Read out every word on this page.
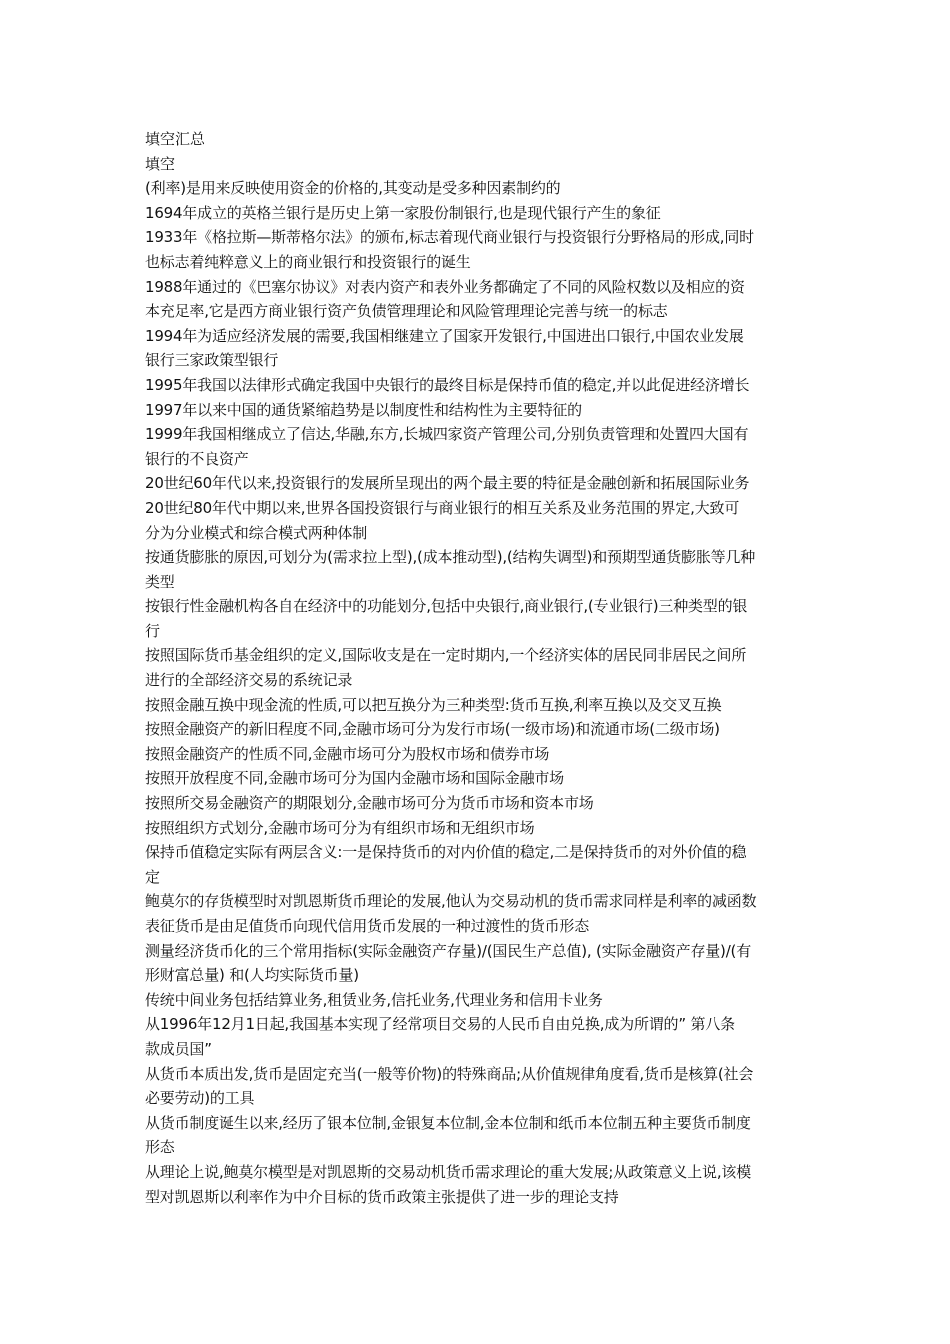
填空汇总

填空

(利率)是用来反映使用资金的价格的,其变动是受多种因素制约的

1694年成立的英格兰银行是历史上第一家股份制银行,也是现代银行产生的象征

1933年《格拉斯—斯蒂格尔法》的颁布,标志着现代商业银行与投资银行分野格局的形成,同时

也标志着纯粹意义上的商业银行和投资银行的诞生

1988年通过的《巴塞尔协议》对表内资产和表外业务都确定了不同的风险权数以及相应的资

本充足率,它是西方商业银行资产负债管理理论和风险管理理论完善与统一的标志

1994年为适应经济发展的需要,我国相继建立了国家开发银行,中国进出口银行,中国农业发展

银行三家政策型银行

1995年我国以法律形式确定我国中央银行的最终目标是保持币值的稳定,并以此促进经济增长

1997年以来中国的通货紧缩趋势是以制度性和结构性为主要特征的

1999年我国相继成立了信达,华融,东方,长城四家资产管理公司,分别负责管理和处置四大国有

银行的不良资产

20世纪60年代以来,投资银行的发展所呈现出的两个最主要的特征是金融创新和拓展国际业务

20世纪80年代中期以来,世界各国投资银行与商业银行的相互关系及业务范围的界定,大致可

分为分业模式和综合模式两种体制

按通货膨胀的原因,可划分为(需求拉上型),(成本推动型),(结构失调型)和预期型通货膨胀等几种

类型

按银行性金融机构各自在经济中的功能划分,包括中央银行,商业银行,(专业银行)三种类型的银

行

按照国际货币基金组织的定义,国际收支是在一定时期内,一个经济实体的居民同非居民之间所

进行的全部经济交易的系统记录

按照金融互换中现金流的性质,可以把互换分为三种类型:货币互换,利率互换以及交叉互换

按照金融资产的新旧程度不同,金融市场可分为发行市场(一级市场)和流通市场(二级市场)

按照金融资产的性质不同,金融市场可分为股权市场和债券市场

按照开放程度不同,金融市场可分为国内金融市场和国际金融市场

按照所交易金融资产的期限划分,金融市场可分为货币市场和资本市场

按照组织方式划分,金融市场可分为有组织市场和无组织市场

保持币值稳定实际有两层含义:一是保持货币的对内价值的稳定,二是保持货币的对外价值的稳

定

鲍莫尔的存货模型时对凯恩斯货币理论的发展,他认为交易动机的货币需求同样是利率的减函数

表征货币是由足值货币向现代信用货币发展的一种过渡性的货币形态

测量经济货币化的三个常用指标(实际金融资产存量)/(国民生产总值), (实际金融资产存量)/(有

形财富总量) 和(人均实际货币量)

传统中间业务包括结算业务,租赁业务,信托业务,代理业务和信用卡业务

从1996年12月1日起,我国基本实现了经常项目交易的人民币自由兑换,成为所谓的” 第八条

款成员国”

从货币本质出发,货币是固定充当(一般等价物)的特殊商品;从价值规律角度看,货币是核算(社会

必要劳动)的工具

从货币制度诞生以来,经历了银本位制,金银复本位制,金本位制和纸币本位制五种主要货币制度

形态

从理论上说,鲍莫尔模型是对凯恩斯的交易动机货币需求理论的重大发展;从政策意义上说,该模

型对凯恩斯以利率作为中介目标的货币政策主张提供了进一步的理论支持
